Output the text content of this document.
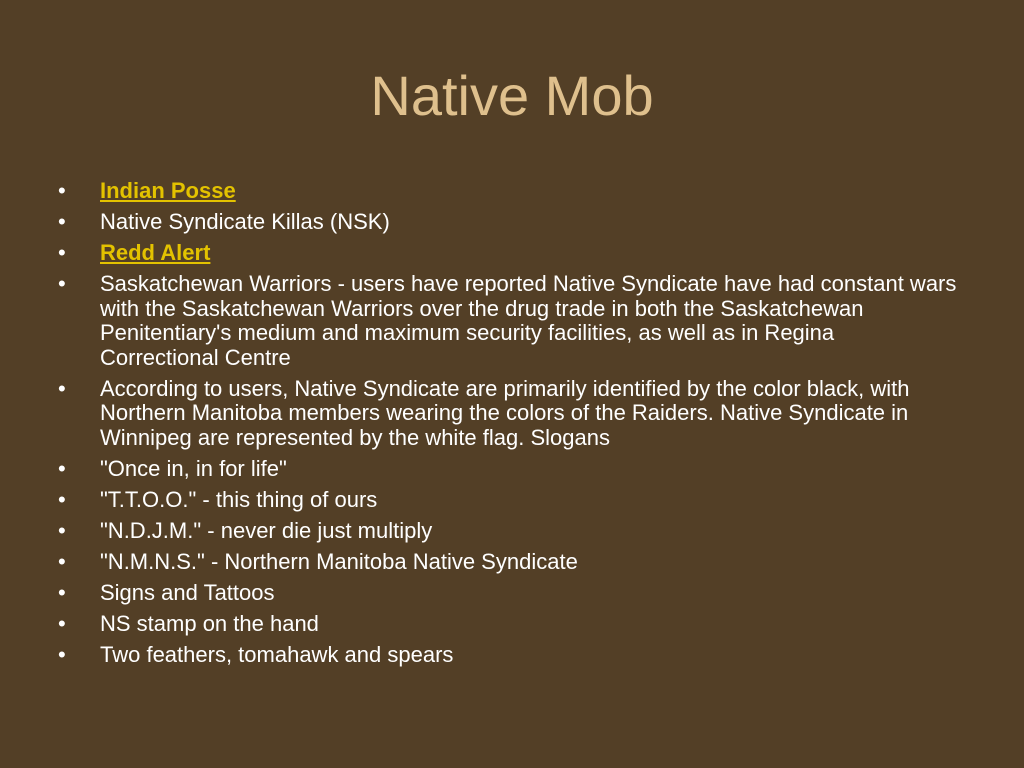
Native Mob
•	Indian Posse
•	Native Syndicate Killas (NSK)
•	Redd Alert
•	Saskatchewan Warriors - users have reported Native Syndicate have had constant wars with the Saskatchewan Warriors over the drug trade in both the Saskatchewan Penitentiary's medium and maximum security facilities, as well as in Regina Correctional Centre
•	According to users, Native Syndicate are primarily identified by the color black, with Northern Manitoba members wearing the colors of the Raiders. Native Syndicate in Winnipeg are represented by the white flag. Slogans
•	"Once in, in for life"
•	"T.T.O.O." - this thing of ours
•	"N.D.J.M." - never die just multiply
•	"N.M.N.S." - Northern Manitoba Native Syndicate
•	Signs and Tattoos
•	NS stamp on the hand
•	Two feathers, tomahawk and spears
